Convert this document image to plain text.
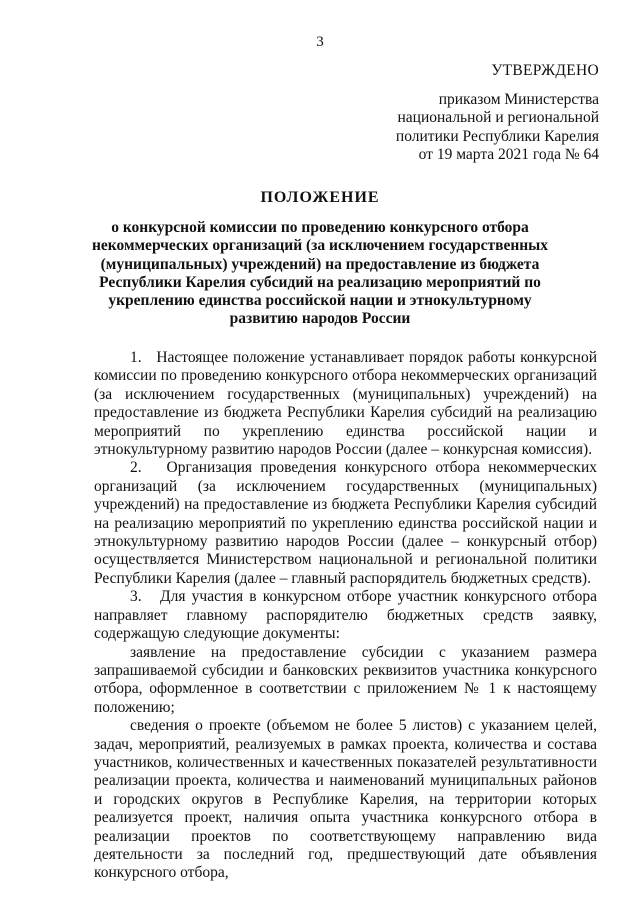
3
УТВЕРЖДЕНО
приказом Министерства
национальной и региональной
политики Республики Карелия
от 19 марта 2021 года № 64
ПОЛОЖЕНИЕ
о конкурсной комиссии по проведению конкурсного отбора некоммерческих организаций (за исключением государственных (муниципальных) учреждений) на предоставление из бюджета Республики Карелия субсидий на реализацию мероприятий по укреплению единства российской нации и этнокультурному развитию народов России

1.   Настоящее положение устанавливает порядок работы конкурсной комиссии по проведению конкурсного отбора некоммерческих организаций (за исключением государственных (муниципальных) учреждений) на предоставление из бюджета Республики Карелия субсидий на реализацию мероприятий по укреплению единства российской нации и этнокультурному развитию народов России (далее – конкурсная комиссия).

2.   Организация проведения конкурсного отбора некоммерческих организаций (за исключением государственных (муниципальных) учреждений) на предоставление из бюджета Республики Карелия субсидий на реализацию мероприятий по укреплению единства российской нации и этнокультурному развитию народов России (далее – конкурсный отбор) осуществляется Министерством национальной и региональной политики Республики Карелия (далее – главный распорядитель бюджетных средств).

3.   Для участия в конкурсном отборе участник конкурсного отбора направляет главному распорядителю бюджетных средств заявку, содержащую следующие документы:

заявление на предоставление субсидии с указанием размера запрашиваемой субсидии и банковских реквизитов участника конкурсного отбора, оформленное в соответствии с приложением № 1 к настоящему положению;

сведения о проекте (объемом не более 5 листов) с указанием целей, задач, мероприятий, реализуемых в рамках проекта, количества и состава участников, количественных и качественных показателей результативности реализации проекта, количества и наименований муниципальных районов и городских округов в Республике Карелия, на территории которых реализуется проект, наличия опыта участника конкурсного отбора в реализации проектов по соответствующему направлению вида деятельности за последний год, предшествующий дате объявления конкурсного отбора,
